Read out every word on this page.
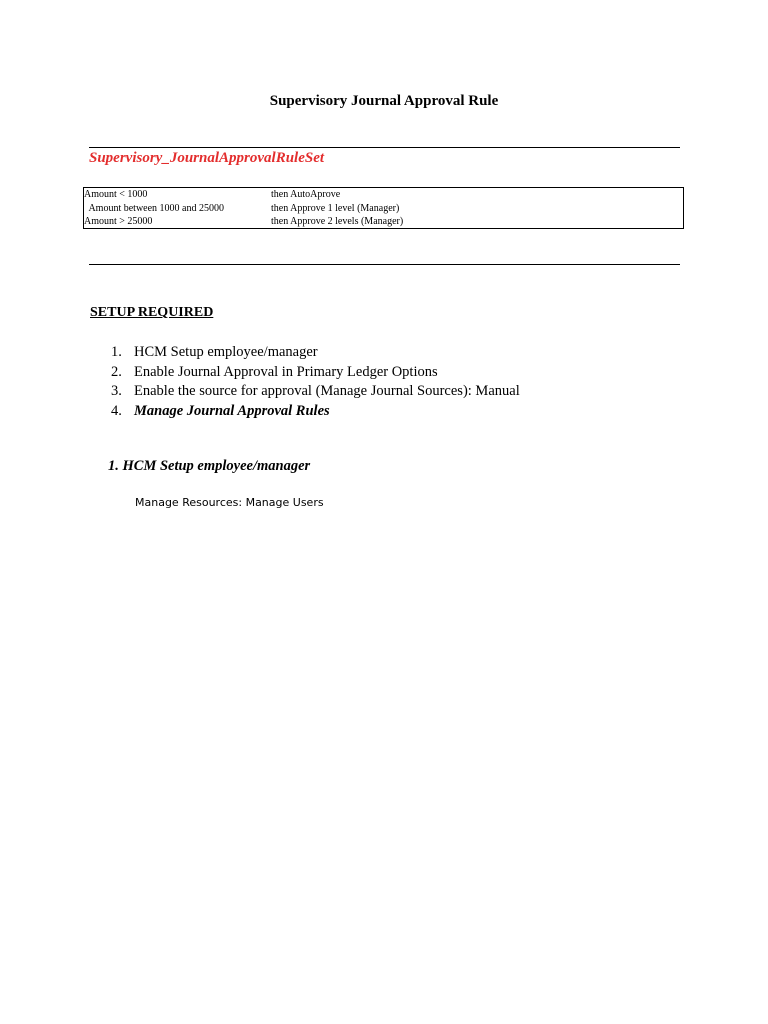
Supervisory Journal Approval Rule
Supervisory_JournalApprovalRuleSet
Amount < 1000	then AutoAprove
Amount between 1000 and 25000	then Approve 1 level (Manager)
Amount > 25000	then Approve 2 levels (Manager)
SETUP REQUIRED
1. HCM Setup employee/manager
2. Enable Journal Approval in Primary Ledger Options
3. Enable the source for approval (Manage Journal Sources): Manual
4. Manage Journal Approval Rules
1. HCM Setup employee/manager
Manage Resources: Manage Users
